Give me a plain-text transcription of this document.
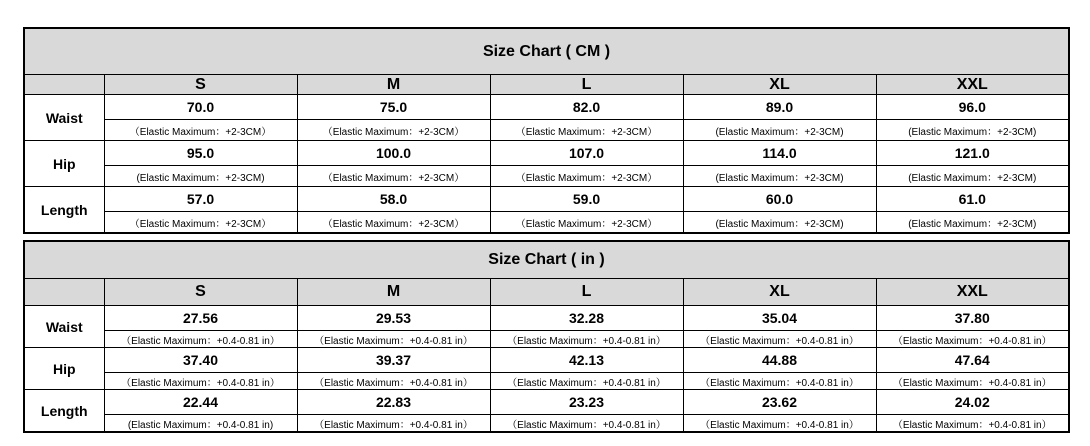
Size Chart ( CM )					
	S	M	L	XL	XXL
Waist	70.0	75.0	82.0	89.0	96.0
	（Elastic Maximum：+2-3CM）	（Elastic Maximum：+2-3CM）	（Elastic Maximum：+2-3CM）	(Elastic Maximum：+2-3CM)	(Elastic Maximum：+2-3CM)
Hip	95.0	100.0	107.0	114.0	121.0
	(Elastic Maximum：+2-3CM)	（Elastic Maximum：+2-3CM）	（Elastic Maximum：+2-3CM）	(Elastic Maximum：+2-3CM)	(Elastic Maximum：+2-3CM)
Length	57.0	58.0	59.0	60.0	61.0
	（Elastic Maximum：+2-3CM）	（Elastic Maximum：+2-3CM）	（Elastic Maximum：+2-3CM）	(Elastic Maximum：+2-3CM)	(Elastic Maximum：+2-3CM)
Size Chart ( in )					
	S	M	L	XL	XXL
Waist	27.56	29.53	32.28	35.04	37.80
	（Elastic Maximum：+0.4-0.81 in）	（Elastic Maximum：+0.4-0.81 in）	（Elastic Maximum：+0.4-0.81 in）	（Elastic Maximum：+0.4-0.81 in）	（Elastic Maximum：+0.4-0.81 in）
Hip	37.40	39.37	42.13	44.88	47.64
	（Elastic Maximum：+0.4-0.81 in）	（Elastic Maximum：+0.4-0.81 in）	（Elastic Maximum：+0.4-0.81 in）	（Elastic Maximum：+0.4-0.81 in）	（Elastic Maximum：+0.4-0.81 in）
Length	22.44	22.83	23.23	23.62	24.02
	(Elastic Maximum：+0.4-0.81 in)	（Elastic Maximum：+0.4-0.81 in）	（Elastic Maximum：+0.4-0.81 in）	（Elastic Maximum：+0.4-0.81 in）	（Elastic Maximum：+0.4-0.81 in）
